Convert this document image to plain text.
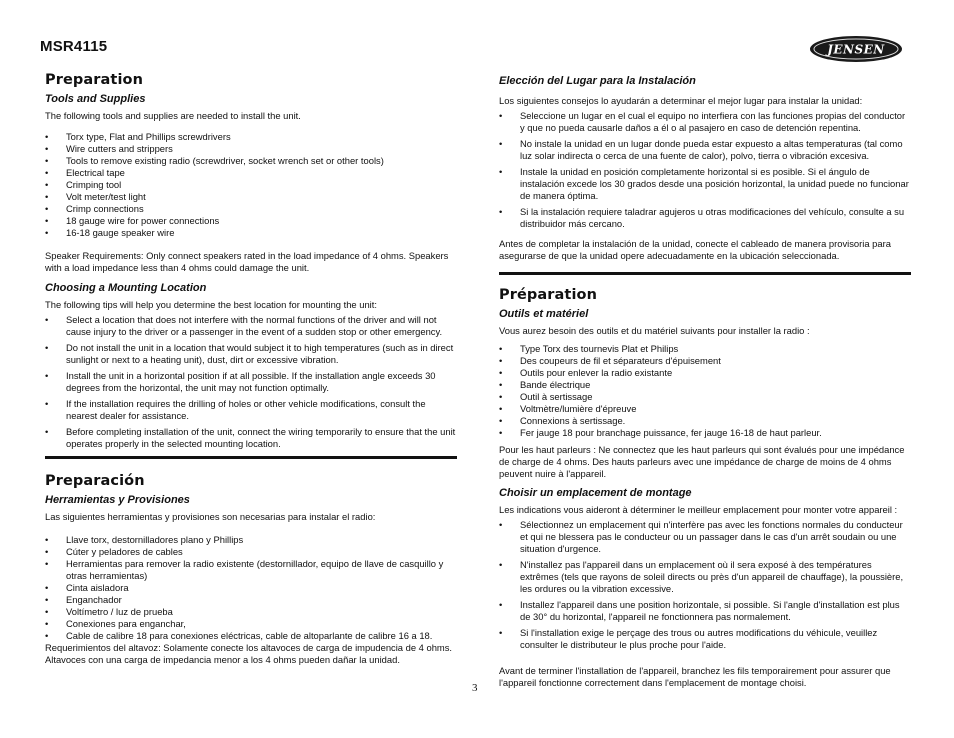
MSR4115	JENSEN
Preparation
Tools and Supplies

The following tools and supplies are needed to install the unit.

• Torx type, Flat and Phillips screwdrivers
• Wire cutters and strippers
• Tools to remove existing radio (screwdriver, socket wrench set or other tools)
• Electrical tape
• Crimping tool
• Volt meter/test light
• Crimp connections
• 18 gauge wire for power connections
• 16-18 gauge speaker wire

Speaker Requirements: Only connect speakers rated in the load impedance of 4 ohms. Speakers with a load impedance less than 4 ohms could damage the unit.

Choosing a Mounting Location

The following tips will help you determine the best location for mounting the unit:

• Select a location that does not interfere with the normal functions of the driver and will not cause injury to the driver or a passenger in the event of a sudden stop or other emergency.
• Do not install the unit in a location that would subject it to high temperatures (such as in direct sunlight or next to a heating unit), dust, dirt or excessive vibration.
• Install the unit in a horizontal position if at all possible. If the installation angle exceeds 30 degrees from the horizontal, the unit may not function optimally.
• If the installation requires the drilling of holes or other vehicle modifications, consult the nearest dealer for assistance.
• Before completing installation of the unit, connect the wiring temporarily to ensure that the unit operates properly in the selected mounting location.
Preparación
Herramientas y Provisiones

Las siguientes herramientas y provisiones son necesarias para instalar el radio:

• Llave torx, destornilladores plano y Phillips
• Cúter y peladores de cables
• Herramientas para remover la radio existente (destornillador, equipo de llave de casquillo y otras herramientas)
• Cinta aisladora
• Enganchador
• Voltímetro / luz de prueba
• Conexiones para enganchar,
• Cable de calibre 18 para conexiones eléctricas, cable de altoparlante de calibre 16 a 18.

Requerimientos del altavoz: Solamente conecte los altavoces de carga de impudencia de 4 ohms. Altavoces con una carga de impedancia menor a los 4 ohms pueden dañar la unidad.

Elección del Lugar para la Instalación

Los siguientes consejos lo ayudarán a determinar el mejor lugar para instalar la unidad:

• Seleccione un lugar en el cual el equipo no interfiera con las funciones propias del conductor y que no pueda causarle daños a él o al pasajero en caso de detención repentina.
• No instale la unidad en un lugar donde pueda estar expuesto a altas temperaturas (tal como luz solar indirecta o cerca de una fuente de calor), polvo, tierra o vibración excesiva.
• Instale la unidad en posición completamente horizontal si es posible. Si el ángulo de instalación excede los 30 grados desde una posición horizontal, la unidad puede no funcionar de manera óptima.
• Si la instalación requiere taladrar agujeros u otras modificaciones del vehículo, consulte a su distribuidor más cercano.

Antes de completar la instalación de la unidad, conecte el cableado de manera provisoria para asegurarse de que la unidad opere adecuadamente en la ubicación seleccionada.

Préparation
Outils et matériel

Vous aurez besoin des outils et du matériel suivants pour installer la radio :

• Type Torx des tournevis Plat et Philips
• Des coupeurs de fil et séparateurs d'épuisement
• Outils pour enlever la radio existante
• Bande électrique
• Outil à sertissage
• Voltmètre/lumière d'épreuve
• Connexions à sertissage.
• Fer jauge 18 pour branchage puissance, fer jauge 16-18 de haut parleur.

Pour les haut parleurs : Ne connectez que les haut parleurs qui sont évalués pour une impédance de charge de 4 ohms. Des hauts parleurs avec une impédance de charge de moins de 4 ohms peuvent nuire à l'appareil.

Choisir un emplacement de montage

Les indications vous aideront à déterminer le meilleur emplacement pour monter votre appareil :

• Sélectionnez un emplacement qui n'interfère pas avec les fonctions normales du conducteur et qui ne blessera pas le conducteur ou un passager dans le cas d'un arrêt soudain ou une situation d'urgence.
• N'installez pas l'appareil dans un emplacement où il sera exposé à des températures extrêmes (tels que rayons de soleil directs ou près d'un appareil de chauffage), la poussière, les ordures ou la vibration excessive.
• Installez l'appareil dans une position horizontale, si possible. Si l'angle d'installation est plus de 30° du horizontal, l'appareil ne fonctionnera pas normalement.
• Si l'installation exige le perçage des trous ou autres modifications du véhicule, veuillez consulter le distributeur le plus proche pour l'aide.

Avant de terminer l'installation de l'appareil, branchez les fils temporairement pour assurer que l'appareil fonctionne correctement dans l'emplacement de montage choisi.

3
